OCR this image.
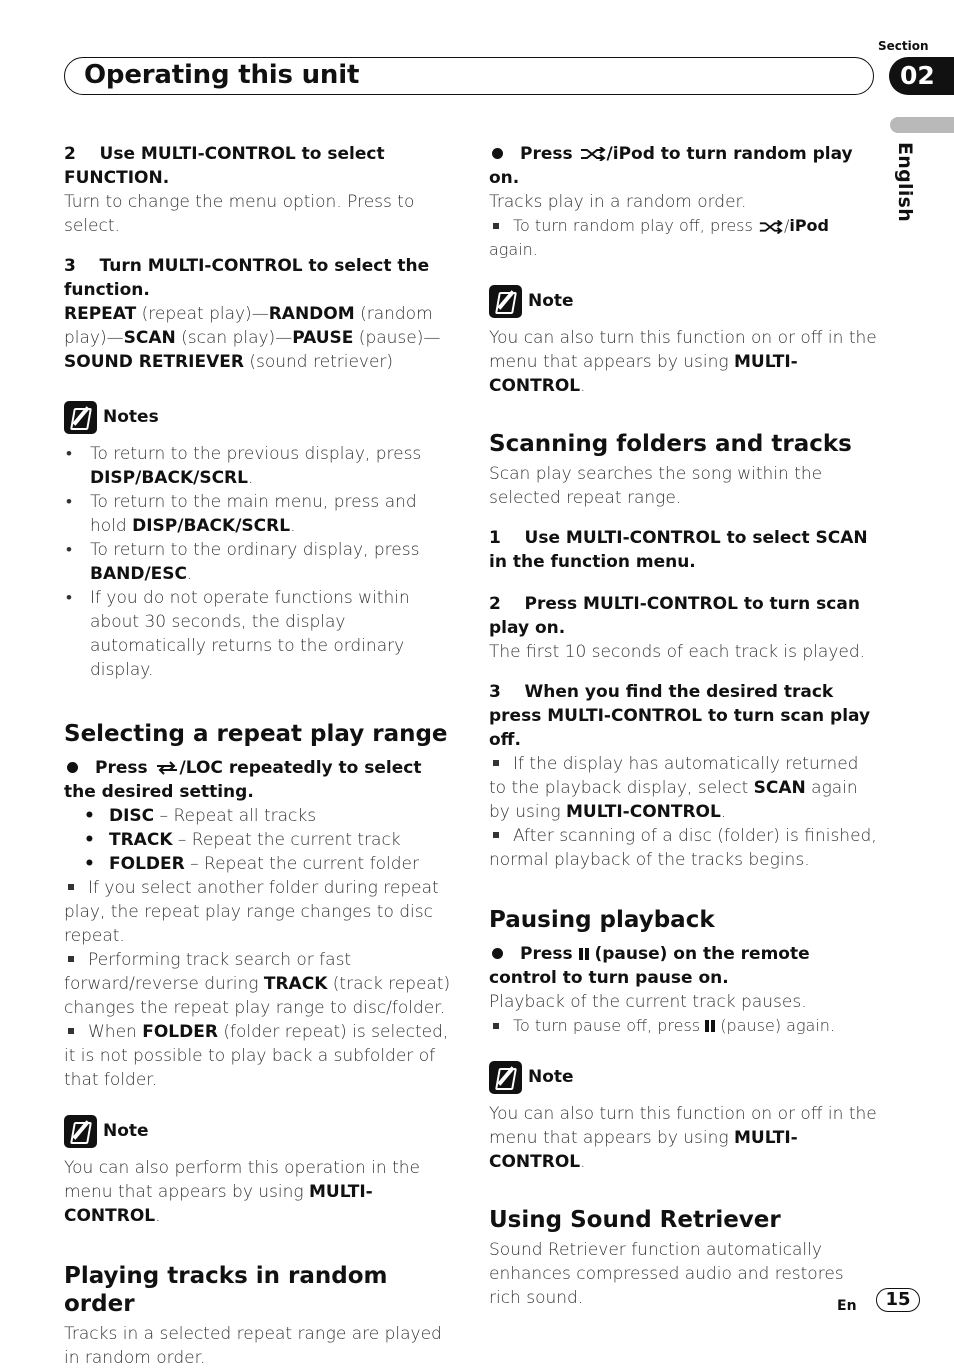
Section
Operating this unit	02
English

2 Use MULTI-CONTROL to select FUNCTION.

Turn to change the menu option. Press to select.

3 Turn MULTI-CONTROL to select the function.

REPEAT (repeat play)—RANDOM (random play)—SCAN (scan play)—PAUSE (pause)—SOUND RETRIEVER (sound retriever)

Notes
• To return to the previous display, press DISP/BACK/SCRL.
• To return to the main menu, press and hold DISP/BACK/SCRL.
• To return to the ordinary display, press BAND/ESC.
• If you do not operate functions within about 30 seconds, the display automatically returns to the ordinary display.

Selecting a repeat play range

Press /LOC repeatedly to select the desired setting.

• DISC – Repeat all tracks
• TRACK – Repeat the current track
• FOLDER – Repeat the current folder

If you select another folder during repeat play, the repeat play range changes to disc repeat.

Performing track search or fast forward/reverse during TRACK (track repeat) changes the repeat play range to disc/folder.

When FOLDER (folder repeat) is selected, it is not possible to play back a subfolder of that folder.

Note

You can also perform this operation in the menu that appears by using MULTI-CONTROL.

Playing tracks in random order

Tracks in a selected repeat range are played in random order.

Press /iPod to turn random play on.

Tracks play in a random order.

To turn random play off, press /iPod again.

Note

You can also turn this function on or off in the menu that appears by using MULTI-CONTROL.

Scanning folders and tracks

Scan play searches the song within the selected repeat range.

1 Use MULTI-CONTROL to select SCAN in the function menu.

2 Press MULTI-CONTROL to turn scan play on.

The first 10 seconds of each track is played.

3 When you find the desired track press MULTI-CONTROL to turn scan play off.

If the display has automatically returned to the playback display, select SCAN again by using MULTI-CONTROL.

After scanning of a disc (folder) is finished, normal playback of the tracks begins.

Pausing playback

Press  (pause) on the remote control to turn pause on.

Playback of the current track pauses.

To turn pause off, press  (pause) again.

Note

You can also turn this function on or off in the menu that appears by using MULTI-CONTROL.

Using Sound Retriever

Sound Retriever function automatically enhances compressed audio and restores rich sound.	En	15
